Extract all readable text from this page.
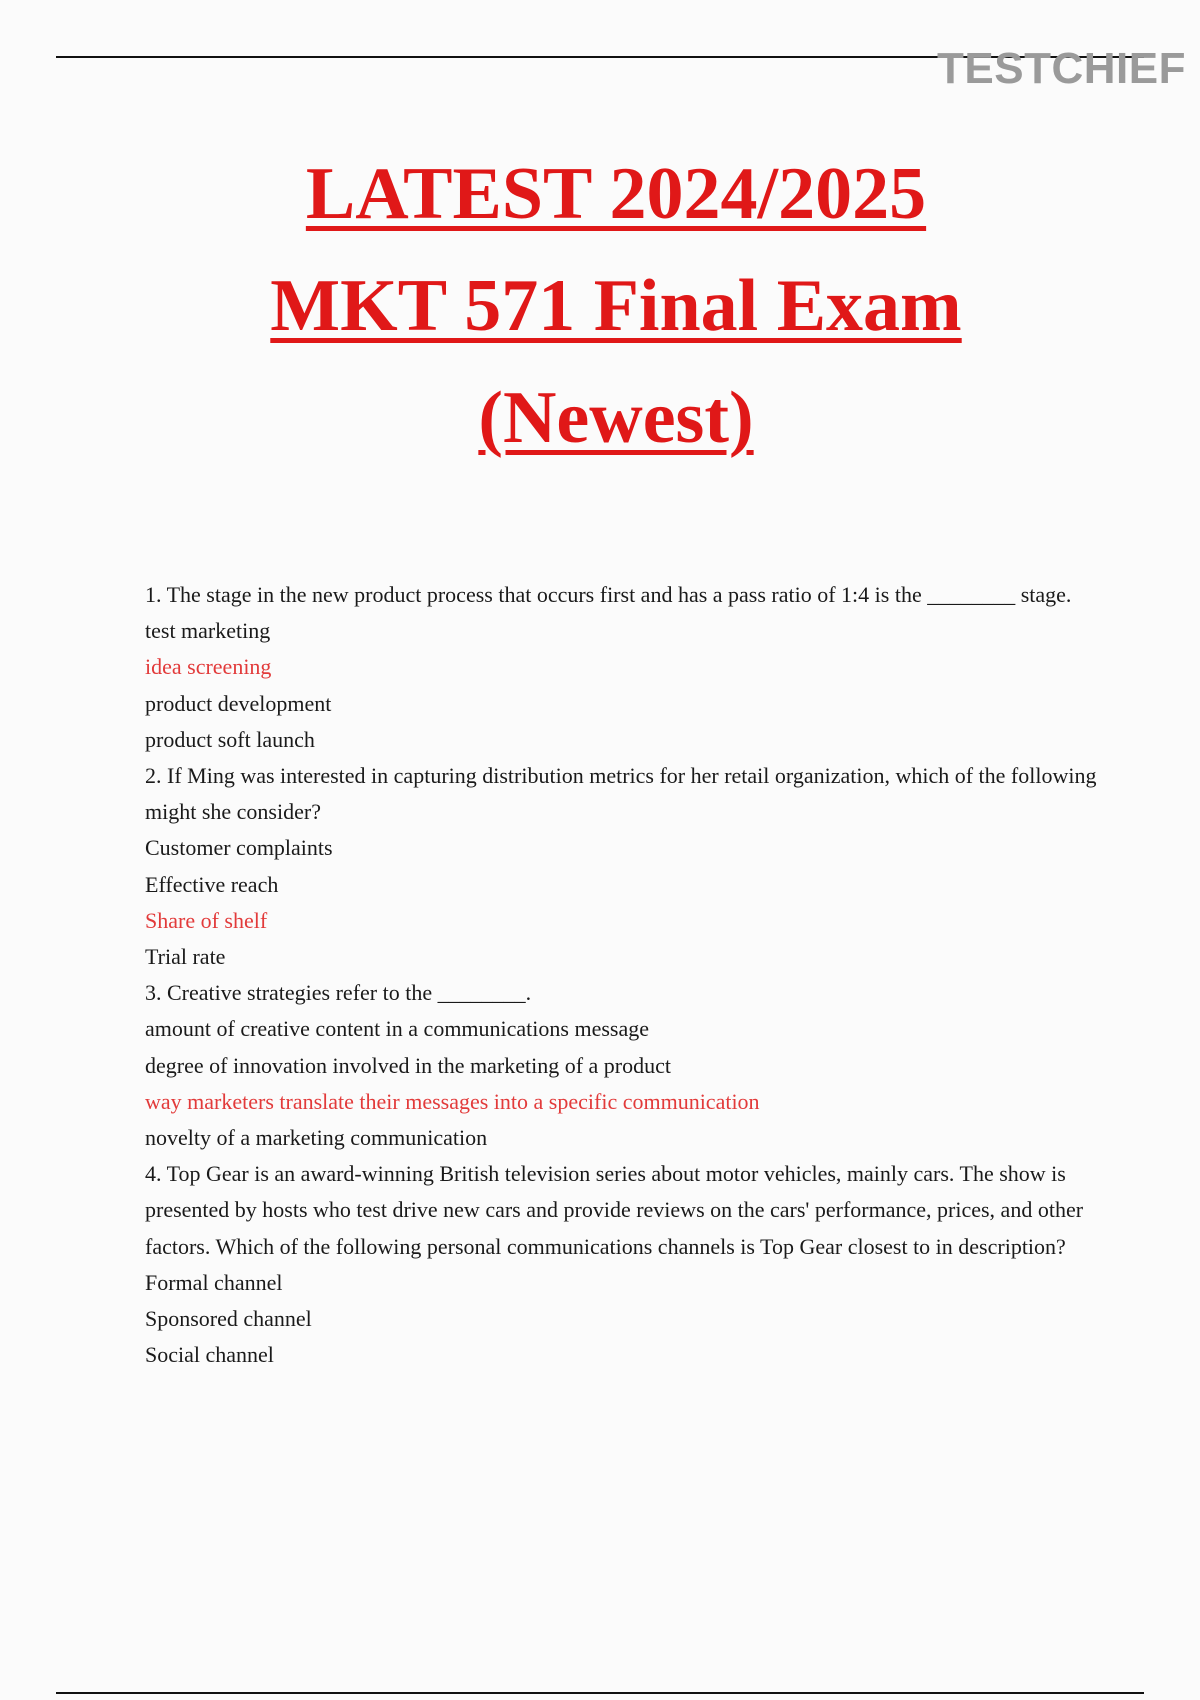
TESTCHIEF
LATEST 2024/2025
MKT 571 Final Exam
(Newest)

1. The stage in the new product process that occurs first and has a pass ratio of 1:4 is the ________ stage.

test marketing

idea screening

product development

product soft launch

2. If Ming was interested in capturing distribution metrics for her retail organization, which of the following might she consider?

Customer complaints

Effective reach

Share of shelf

Trial rate

3. Creative strategies refer to the ________.

amount of creative content in a communications message

degree of innovation involved in the marketing of a product

way marketers translate their messages into a specific communication

novelty of a marketing communication

4. Top Gear is an award-winning British television series about motor vehicles, mainly cars. The show is presented by hosts who test drive new cars and provide reviews on the cars' performance, prices, and other factors. Which of the following personal communications channels is Top Gear closest to in description?

Formal channel

Sponsored channel

Social channel
